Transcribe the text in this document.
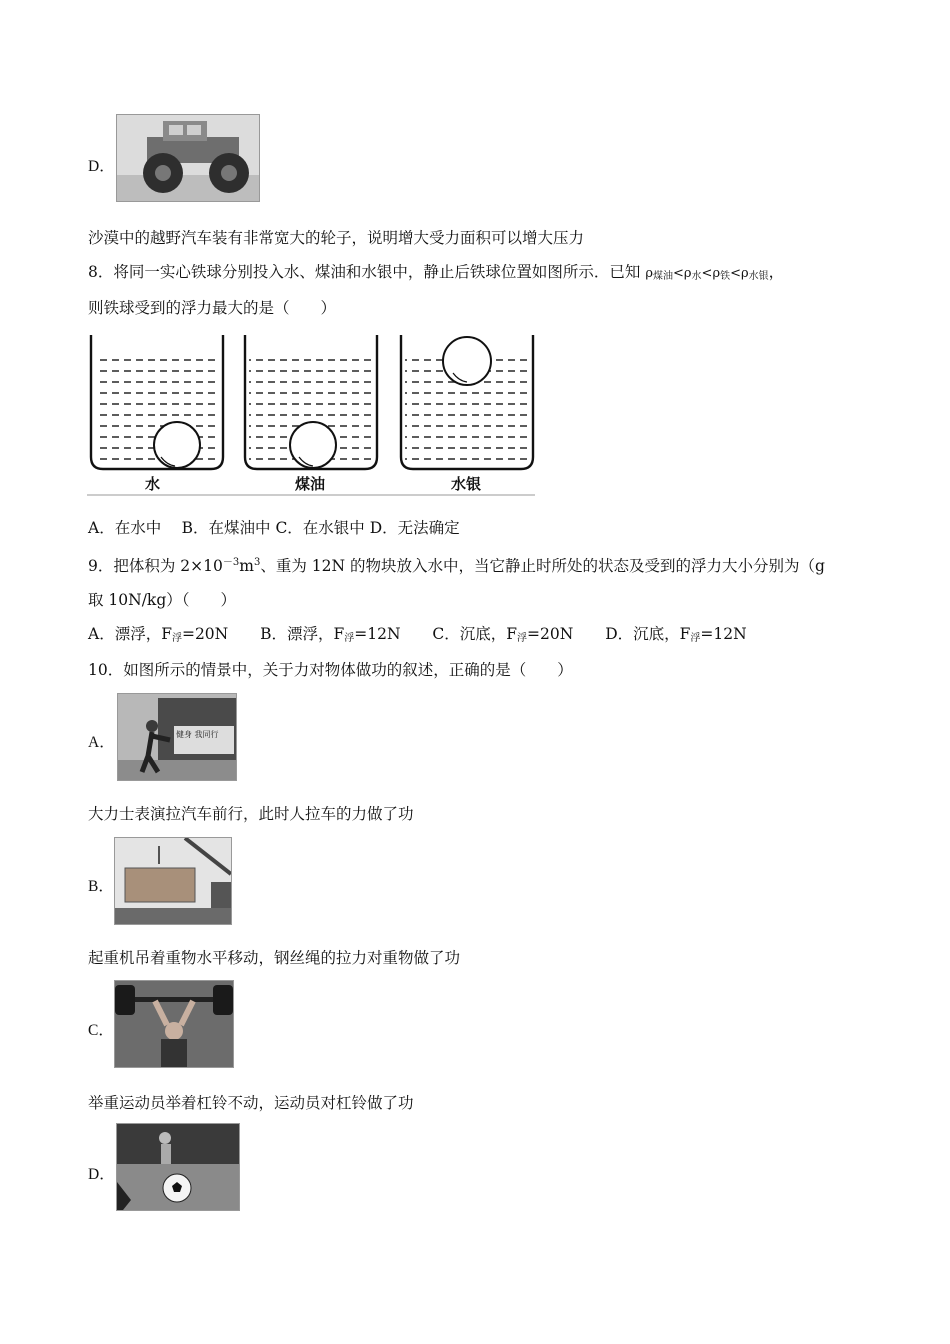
D．
沙漠中的越野汽车装有非常宽大的轮子，说明增大受力面积可以增大压力
8．将同一实心铁球分别投入水、煤油和水银中，静止后铁球位置如图所示．已知 $\rho_{煤油}<\rho_水<\rho_铁<\rho_{水银}$，
则铁球受到的浮力最大的是（　　）
水	煤油	水银
A．在水中　 B．在煤油中 C．在水银中 D．无法确定
9．把体积为 $2\times 10^{-3}m^3$、重为 12N 的物块放入水中，当它静止时所处的状态及受到的浮力大小分别为（g
取 10N/kg）（　　）
A．漂浮，$F_浮=20N$ B．漂浮，$F_浮=12N$ C．沉底，$F_浮=20N$ D．沉底，$F_浮=12N$
10．如图所示的情景中，关于力对物体做功的叙述，正确的是（　　）
A．	健身 我同行
大力士表演拉汽车前行，此时人拉车的力做了功
B．
起重机吊着重物水平移动，钢丝绳的拉力对重物做了功
C．
举重运动员举着杠铃不动，运动员对杠铃做了功
D．
